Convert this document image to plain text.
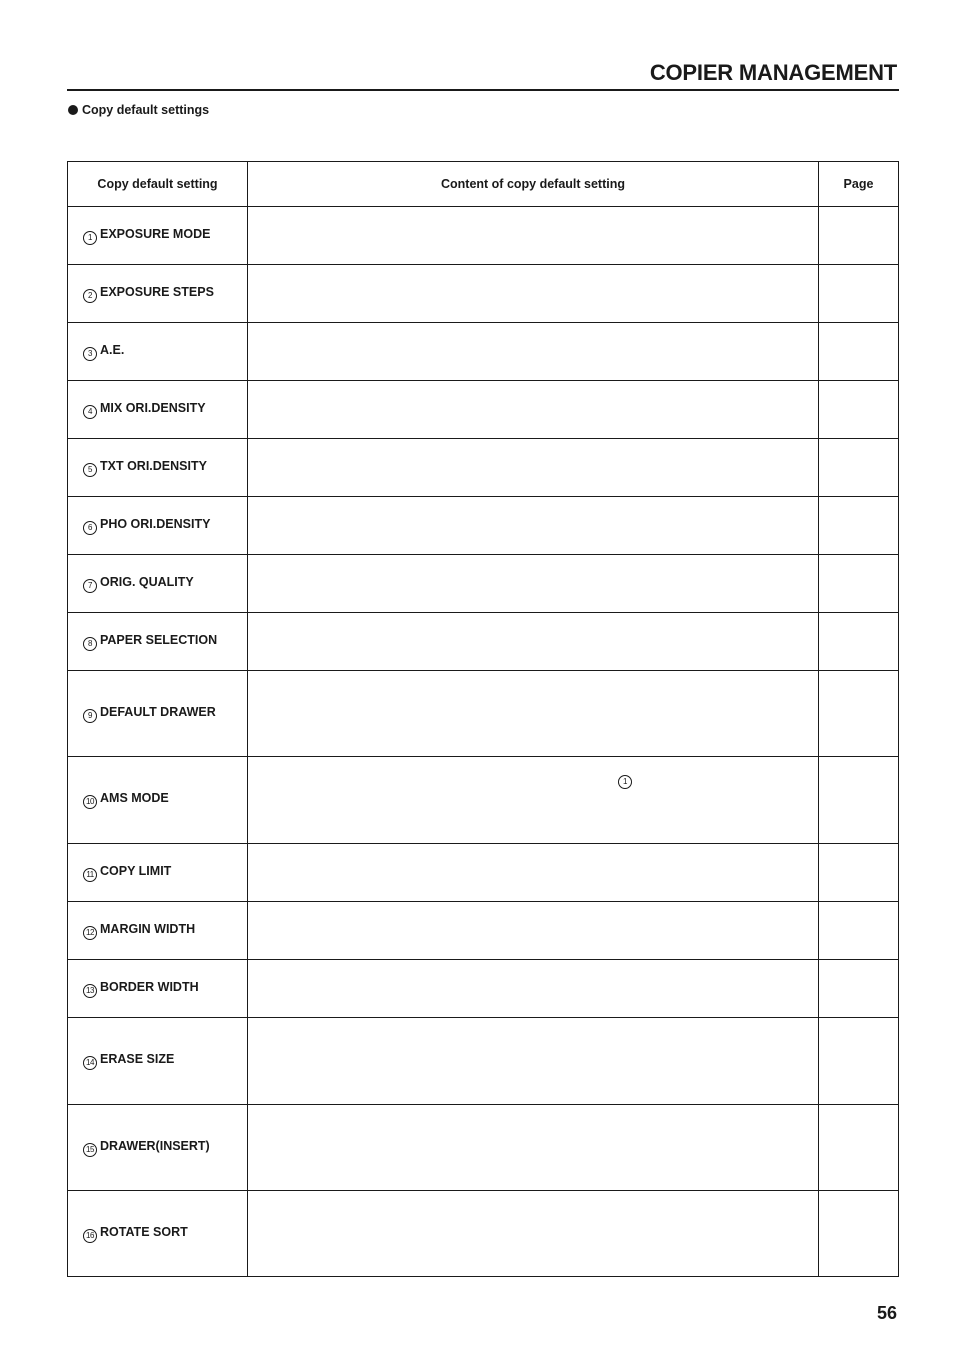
COPIER MANAGEMENT
Copy default settings
Copy default setting	Content of copy default setting	Page
1 EXPOSURE MODE		
2 EXPOSURE STEPS		
3 A.E.		
4 MIX ORI.DENSITY		
5 TXT ORI.DENSITY		
6 PHO ORI.DENSITY		
7 ORIG. QUALITY		
8 PAPER SELECTION		
9 DEFAULT DRAWER		
10 AMS MODE	1	

11 COPY LIMIT		
12 MARGIN WIDTH		
13 BORDER WIDTH		
14 ERASE SIZE		
15 DRAWER(INSERT)		
16 ROTATE SORT		
56
